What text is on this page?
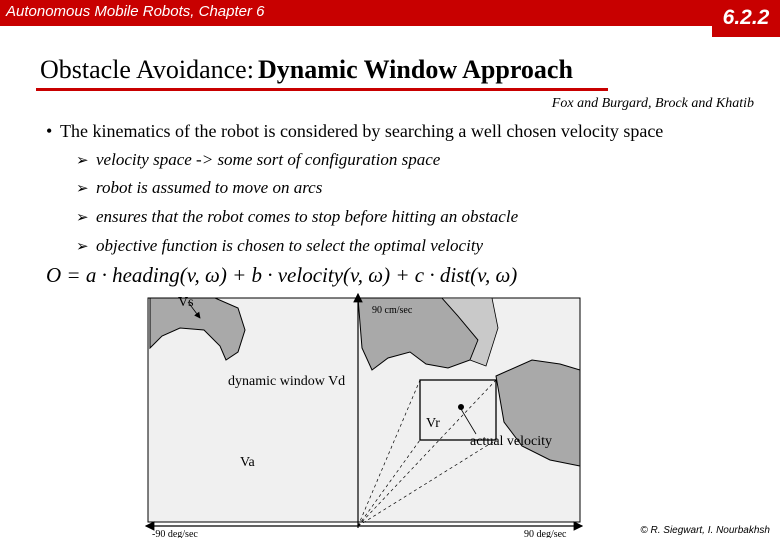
Autonomous Mobile Robots, Chapter 6	6.2.2
Obstacle Avoidance: Dynamic Window Approach
Fox and Burgard, Brock and Khatib
• The kinematics of the robot is considered by searching a well chosen velocity space
➢ velocity space -> some sort of configuration space
➢ robot is assumed to move on arcs
➢ ensures that the robot comes to stop before hitting an obstacle
➢ objective function is chosen to select the optimal velocity
O = a · heading(v, ω) + b · velocity(v, ω) + c · dist(v, ω)
Vs
90 cm/sec
dynamic window Vd
Vr
actual velocity
Va
-90 deg/sec	90 deg/sec	© R. Siegwart, I. Nourbakhsh
